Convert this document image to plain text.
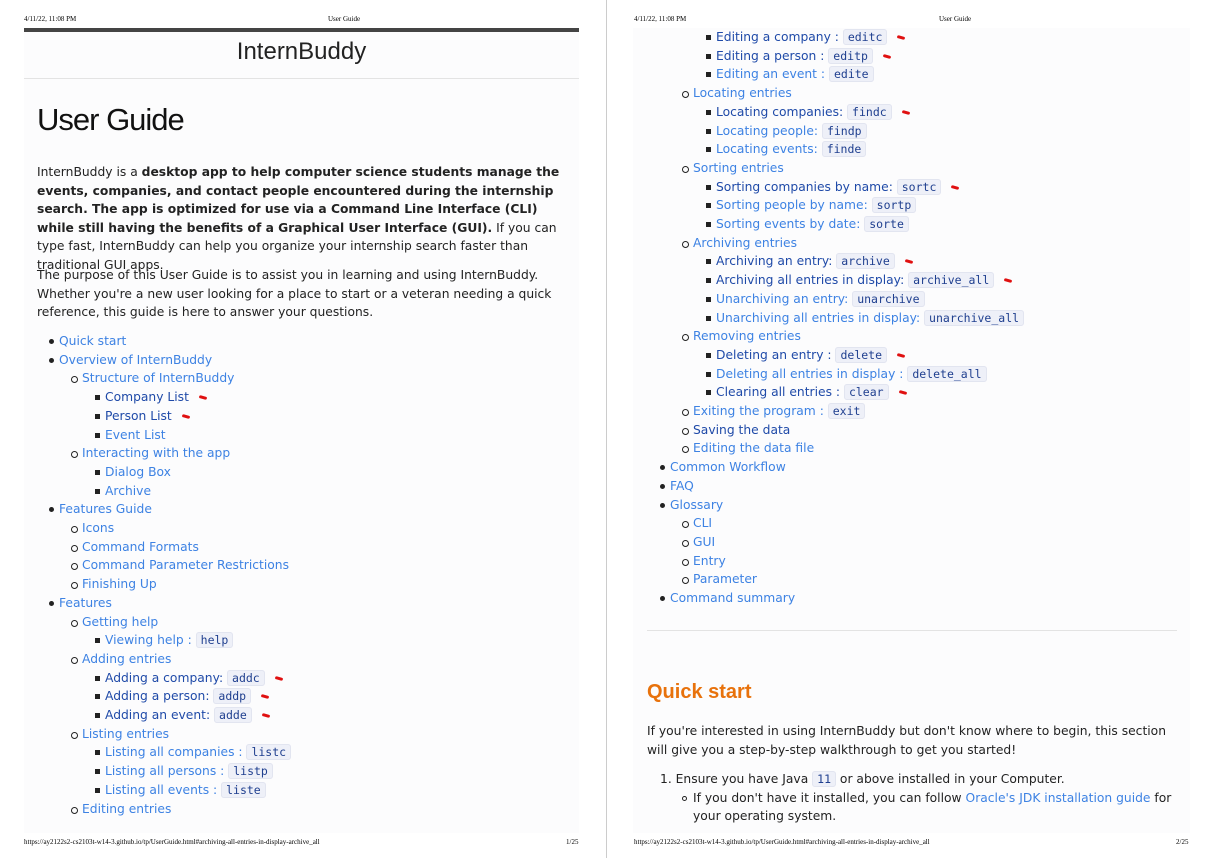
4/11/22, 11:08 PM	User Guide	4/11/22, 11:08 PM	User Guide
InternBuddy
User Guide

InternBuddy is a desktop app to help computer science students manage the events, companies, and contact people encountered during the internship search. The app is optimized for use via a Command Line Interface (CLI) while still having the benefits of a Graphical User Interface (GUI). If you can type fast, InternBuddy can help you organize your internship search faster than traditional GUI apps.

The purpose of this User Guide is to assist you in learning and using InternBuddy. Whether you're a new user looking for a place to start or a veteran needing a quick reference, this guide is here to answer your questions.

Quick start
Overview of InternBuddy
Structure of InternBuddy
Company List
Person List
Event List
Interacting with the app
Dialog Box
Archive
Features Guide
Icons
Command Formats
Command Parameter Restrictions
Finishing Up
Features
Getting help
Viewing help : help
Adding entries
Adding a company: addc
Adding a person: addp
Adding an event: adde
Listing entries
Listing all companies : listc
Listing all persons : listp
Listing all events : liste
Editing entries
Editing a company : editc
Editing a person : editp
Editing an event : edite
Locating entries
Locating companies: findc
Locating people: findp
Locating events: finde
Sorting entries
Sorting companies by name: sortc
Sorting people by name: sortp
Sorting events by date: sorte
Archiving entries
Archiving an entry: archive
Archiving all entries in display: archive_all
Unarchiving an entry: unarchive
Unarchiving all entries in display: unarchive_all
Removing entries
Deleting an entry : delete
Deleting all entries in display : delete_all
Clearing all entries : clear
Exiting the program : exit
Saving the data
Editing the data file
Common Workflow
FAQ
Glossary
CLI
GUI
Entry
Parameter
Command summary
Quick start

If you're interested in using InternBuddy but don't know where to begin, this section will give you a step-by-step walkthrough to get you started!

1. Ensure you have Java 11 or above installed in your Computer.
If you don't have it installed, you can follow Oracle's JDK installation guide for your operating system.
https://ay2122s2-cs2103t-w14-3.github.io/tp/UserGuide.html#archiving-all-entries-in-display-archive_all	1/25	https://ay2122s2-cs2103t-w14-3.github.io/tp/UserGuide.html#archiving-all-entries-in-display-archive_all	2/25
